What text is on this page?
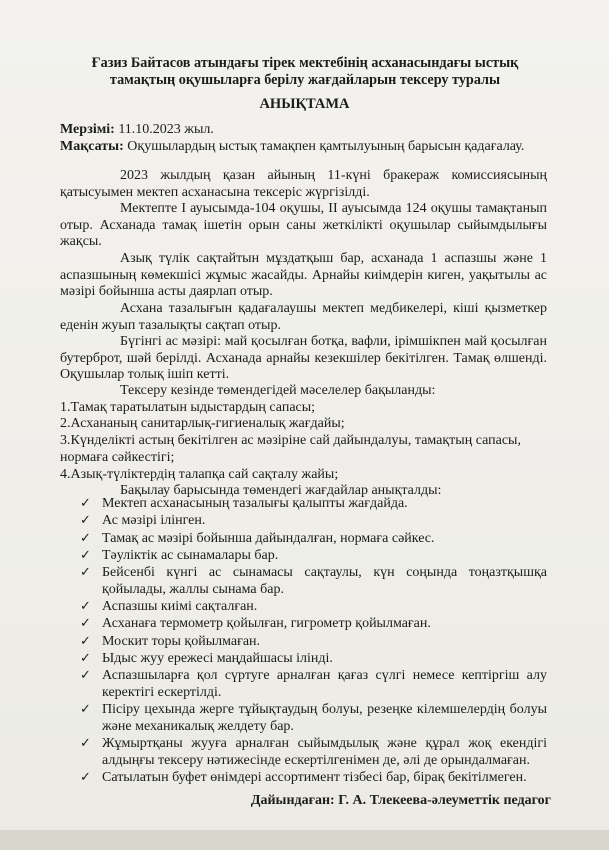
Ғазиз Байтасов атындағы тірек мектебінің асханасындағы ыстық тамақтың оқушыларға берілу жағдайларын тексеру туралы
АНЫҚТАМА
Мерзімі: 11.10.2023 жыл.
Мақсаты: Оқушылардың ыстық тамақпен қамтылуының барысын қадағалау.
2023 жылдың қазан айының 11-күні бракераж комиссиясының қатысуымен мектеп асханасына тексеріс жүргізілді.
Мектепте I ауысымда-104 оқушы, II ауысымда 124 оқушы тамақтанып отыр. Асханада тамақ ішетін орын саны жеткілікті оқушылар сыйымдылығы жақсы.
Азық түлік сақтайтын мұздатқыш бар, асханада 1 аспазшы және 1 аспазшының көмекшісі жұмыс жасайды. Арнайы киімдерін киген, уақытылы ас мәзірі бойынша асты даярлап отыр.
Асхана тазалығын қадағалаушы мектеп медбикелері, кіші қызметкер еденін жуып тазалықты сақтап отыр.
Бүгінгі ас мәзірі: май қосылған ботқа, вафли, ірімшікпен май қосылған бутерброт, шәй берілді. Асханада арнайы кезекшілер бекітілген. Тамақ өлшенді. Оқушылар толық ішіп кетті.
Тексеру кезінде төмендегідей мәселелер бақыланды:
1.Тамақ таратылатын ыдыстардың сапасы;
2.Асхананың санитарлық-гигиеналық жағдайы;
3.Күнделікті астың бекітілген ас мәзіріне сай дайындалуы, тамақтың сапасы, нормаға сәйкестігі;
4.Азық-түліктердің талапқа сай сақталу жайы;
Бақылау барысында төмендегі жағдайлар анықталды:
✓ Мектеп асханасының тазалығы қалыпты жағдайда.
✓ Ас мәзірі ілінген.
✓ Тамақ ас мәзірі бойынша дайындалған, нормаға сәйкес.
✓ Тәуліктік ас сынамалары бар.
✓ Бейсенбі күнгі ас сынамасы сақтаулы, күн соңында тоңазтқышқа қойылады, жаллы сынама бар.
✓ Аспазшы киімі сақталған.
✓ Асханаға термометр қойылған, гигрометр қойылмаған.
✓ Москит торы қойылмаған.
✓ Ыдыс жуу ережесі маңдайшасы ілінді.
✓ Аспазшыларға қол сүртуге арналған қағаз сүлгі немесе кептіргіш алу керектігі ескертілді.
✓ Пісіру цехында жерге тұйықтаудың болуы, резеңке кілемшелердің болуы және механикалық желдету бар.
✓ Жұмыртқаны жууға арналған сыйымдылық және құрал жоқ екендігі алдыңғы тексеру нәтижесінде ескертілгенімен де, әлі де орындалмаған.
✓ Сатылатын буфет өнімдері ассортимент тізбесі бар, бірақ бекітілмеген.
Дайындаған: Г. А. Тлекеева-әлеуметтік педагог
